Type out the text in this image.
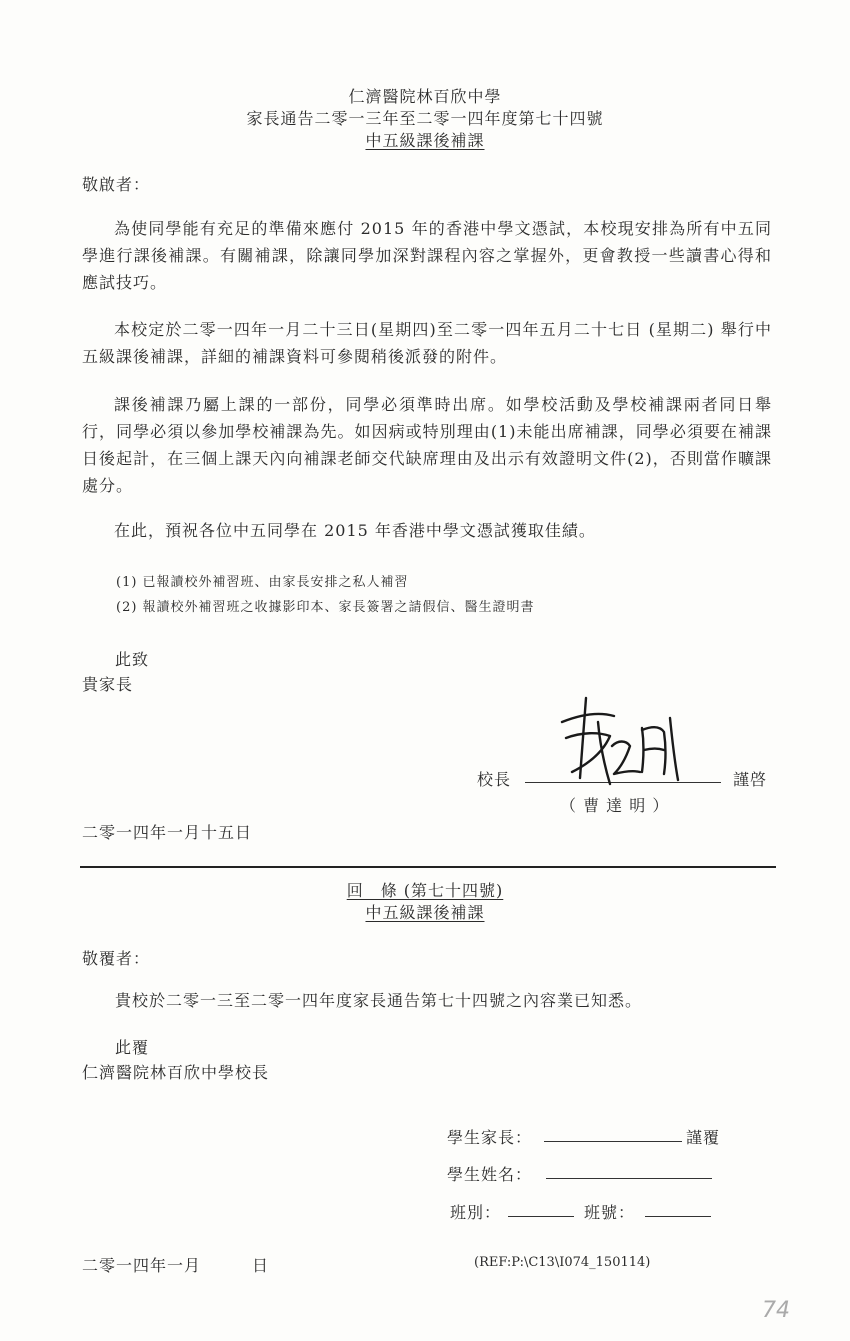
仁濟醫院林百欣中學
家長通告二零一三年至二零一四年度第七十四號
中五級課後補課
敬啟者：

為使同學能有充足的準備來應付 2015 年的香港中學文憑試，本校現安排為所有中五同學進行課後補課。有關補課，除讓同學加深對課程內容之掌握外，更會教授一些讀書心得和應試技巧。

本校定於二零一四年一月二十三日(星期四)至二零一四年五月二十七日 (星期二) 舉行中五級課後補課，詳細的補課資料可參閱稍後派發的附件。

課後補課乃屬上課的一部份，同學必須準時出席。如學校活動及學校補課兩者同日舉行，同學必須以參加學校補課為先。如因病或特別理由(1)未能出席補課，同學必須要在補課日後起計，在三個上課天內向補課老師交代缺席理由及出示有效證明文件(2)，否則當作曠課處分。

在此，預祝各位中五同學在 2015 年香港中學文憑試獲取佳績。

(1) 已報讀校外補習班、由家長安排之私人補習
(2) 報讀校外補習班之收據影印本、家長簽署之請假信、醫生證明書
此致
貴家長
校長	謹啓
（ 曹 達 明 ）
二零一四年一月十五日
回　條 (第七十四號)
中五級課後補課
敬覆者：
貴校於二零一三至二零一四年度家長通告第七十四號之內容業已知悉。
此覆
仁濟醫院林百欣中學校長
學生家長：	謹覆
學生姓名：
班別：	班號：
二零一四年一月　　　日	(REF:P:\C13\I074_150114)
74
